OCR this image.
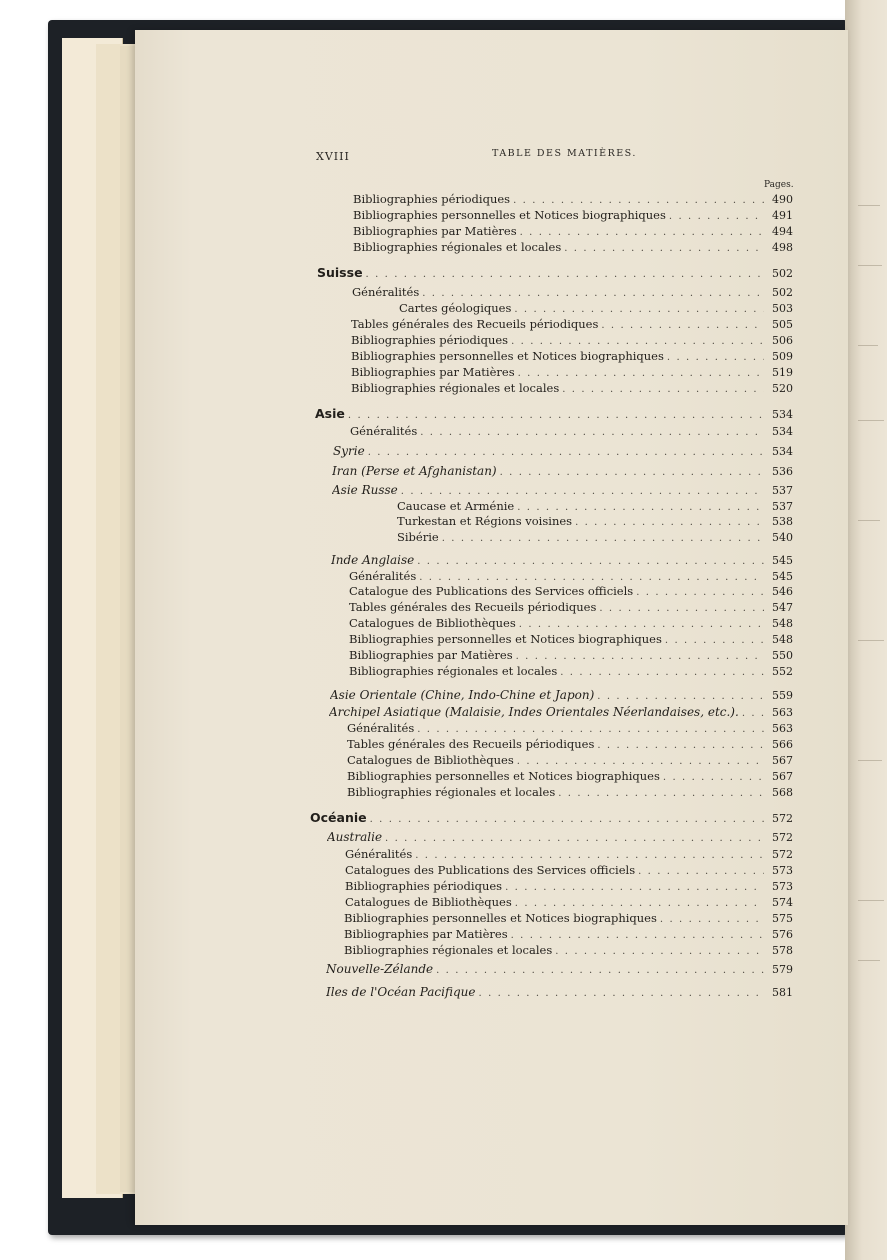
XVIII	TABLE DES MATIÈRES.
Pages.
Bibliographies périodiques . . .	490
Bibliographies personnelles et Notices biographiques . . .	491
Bibliographies par Matières . . .	494
Bibliographies régionales et locales . . .	498
Suisse . . .	502
Généralités . . .	502
Cartes géologiques . . .	503
Tables générales des Recueils périodiques . . .	505
Bibliographies périodiques . . .	506
Bibliographies personnelles et Notices biographiques . . .	509
Bibliographies par Matières . . .	519
Bibliographies régionales et locales . . .	520
Asie . . .	534
Généralités . . .	534
Syrie . . .	534
Iran (Perse et Afghanistan) . . .	536
Asie Russe . . .	537
Caucase et Arménie . . .	537
Turkestan et Régions voisines . . .	538
Sibérie . . .	540
Inde Anglaise . . .	545
Généralités . . .	545
Catalogue des Publications des Services officiels . . .	546
Tables générales des Recueils périodiques . . .	547
Catalogues de Bibliothèques . . .	548
Bibliographies personnelles et Notices biographiques . . .	548
Bibliographies par Matières . . .	550
Bibliographies régionales et locales . . .	552
Asie Orientale (Chine, Indo-Chine et Japon) . . .	559
Archipel Asiatique (Malaisie, Indes Orientales Néerlandaises, etc.). . . .	563
Généralités . . .	563
Tables générales des Recueils périodiques . . .	566
Catalogues de Bibliothèques . . .	567
Bibliographies personnelles et Notices biographiques . . .	567
Bibliographies régionales et locales . . .	568
Océanie . . .	572
Australie . . .	572
Généralités . . .	572
Catalogues des Publications des Services officiels . . .	573
Bibliographies périodiques . . .	573
Catalogues de Bibliothèques . . .	574
Bibliographies personnelles et Notices biographiques . . .	575
Bibliographies par Matières . . .	576
Bibliographies régionales et locales . . .	578
Nouvelle-Zélande . . .	579
Iles de l'Océan Pacifique . . .	581
